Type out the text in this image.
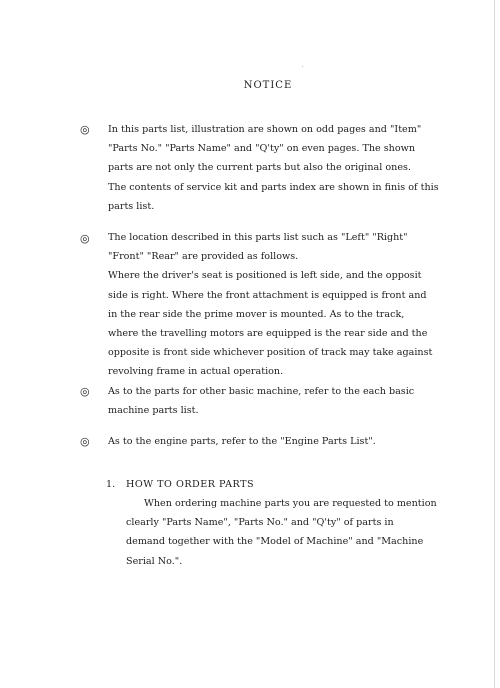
NOTICE
◎ In this parts list, illustration are shown on odd pages and "Item"
"Parts No." "Parts Name" and "Q'ty" on even pages. The shown
parts are not only the current parts but also the original ones.
The contents of service kit and parts index are shown in finis of this
parts list.
◎ The location described in this parts list such as "Left" "Right"
"Front" "Rear" are provided as follows.
Where the driver's seat is positioned is left side, and the opposit
side is right. Where the front attachment is equipped is front and
in the rear side the prime mover is mounted. As to the track,
where the travelling motors are equipped is the rear side and the
opposite is front side whichever position of track may take against
revolving frame in actual operation.
◎ As to the parts for other basic machine, refer to the each basic
machine parts list.
◎ As to the engine parts, refer to the "Engine Parts List".
1. HOW TO ORDER PARTS
When ordering machine parts you are requested to mention
clearly "Parts Name", "Parts No." and "Q'ty" of parts in
demand together with the "Model of Machine" and "Machine
Serial No.".
